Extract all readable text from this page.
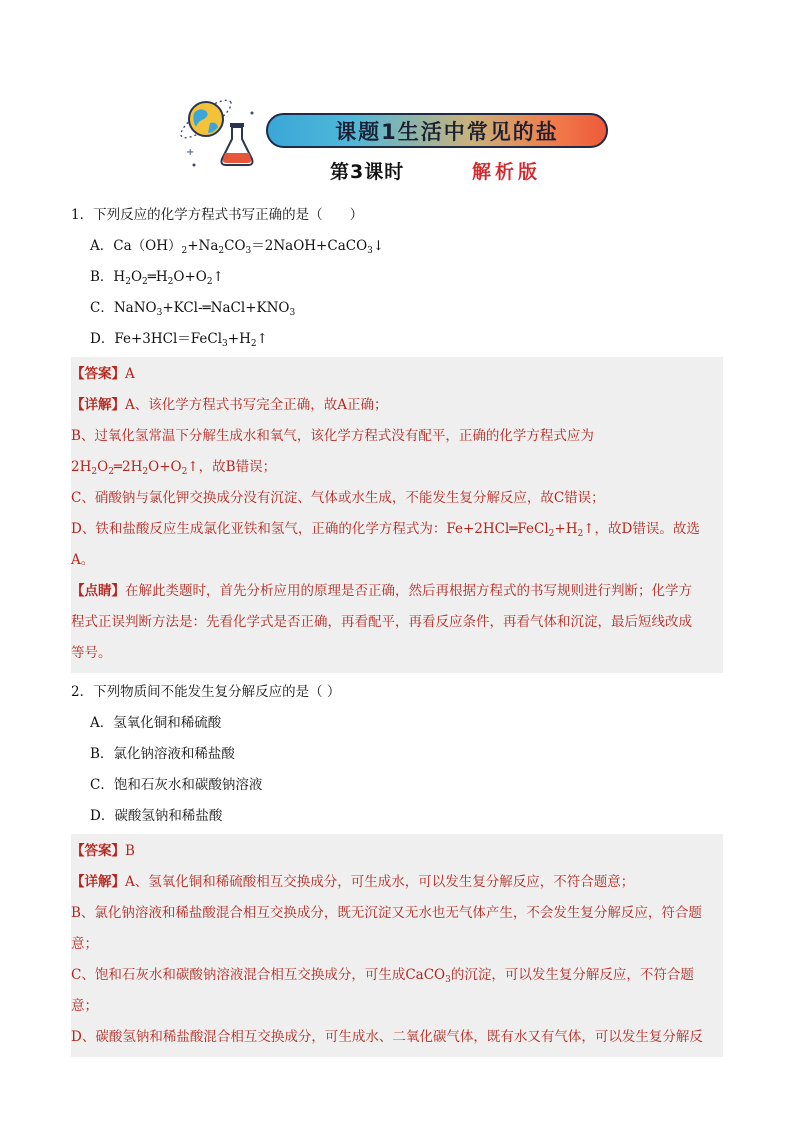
+
课题1生活中常见的盐
第3课时	解析版

1．下列反应的化学方程式书写正确的是（　　）

A．$Ca(OH)_2+Na_2CO_3=2NaOH+CaCO_3↓$

B．$H_2O_2═H_2O+O_2↑$

C．$NaNO_3+KCl-═NaCl+KNO_3$

D．$Fe+3HCl=FeCl_3+H_2↑$

【答案】A

【详解】A、该化学方程式书写完全正确，故A正确；

B、过氧化氢常温下分解生成水和氧气，该化学方程式没有配平，正确的化学方程式应为

$2H_2O_2═2H_2O+O_2↑$，故B错误；

C、硝酸钠与氯化钾交换成分没有沉淀、气体或水生成，不能发生复分解反应，故C错误；

D、铁和盐酸反应生成氯化亚铁和氢气，正确的化学方程式为：$Fe+2HCl═FeCl_2+H_2↑$，故D错误。故选A。

【点睛】在解此类题时，首先分析应用的原理是否正确，然后再根据方程式的书写规则进行判断；化学方

程式正误判断方法是：先看化学式是否正确，再看配平，再看反应条件，再看气体和沉淀，最后短线改成

等号。

2．下列物质间不能发生复分解反应的是（ ）

A．氢氧化铜和稀硫酸

B．氯化钠溶液和稀盐酸

C．饱和石灰水和碳酸钠溶液

D．碳酸氢钠和稀盐酸

【答案】B

【详解】A、氢氧化铜和稀硫酸相互交换成分，可生成水，可以发生复分解反应，不符合题意；

B、氯化钠溶液和稀盐酸混合相互交换成分，既无沉淀又无水也无气体产生，不会发生复分解反应，符合题

意；

C、饱和石灰水和碳酸钠溶液混合相互交换成分，可生成CaCO$_3$的沉淀，可以发生复分解反应，不符合题

意；

D、碳酸氢钠和稀盐酸混合相互交换成分，可生成水、二氧化碳气体，既有水又有气体，可以发生复分解反
